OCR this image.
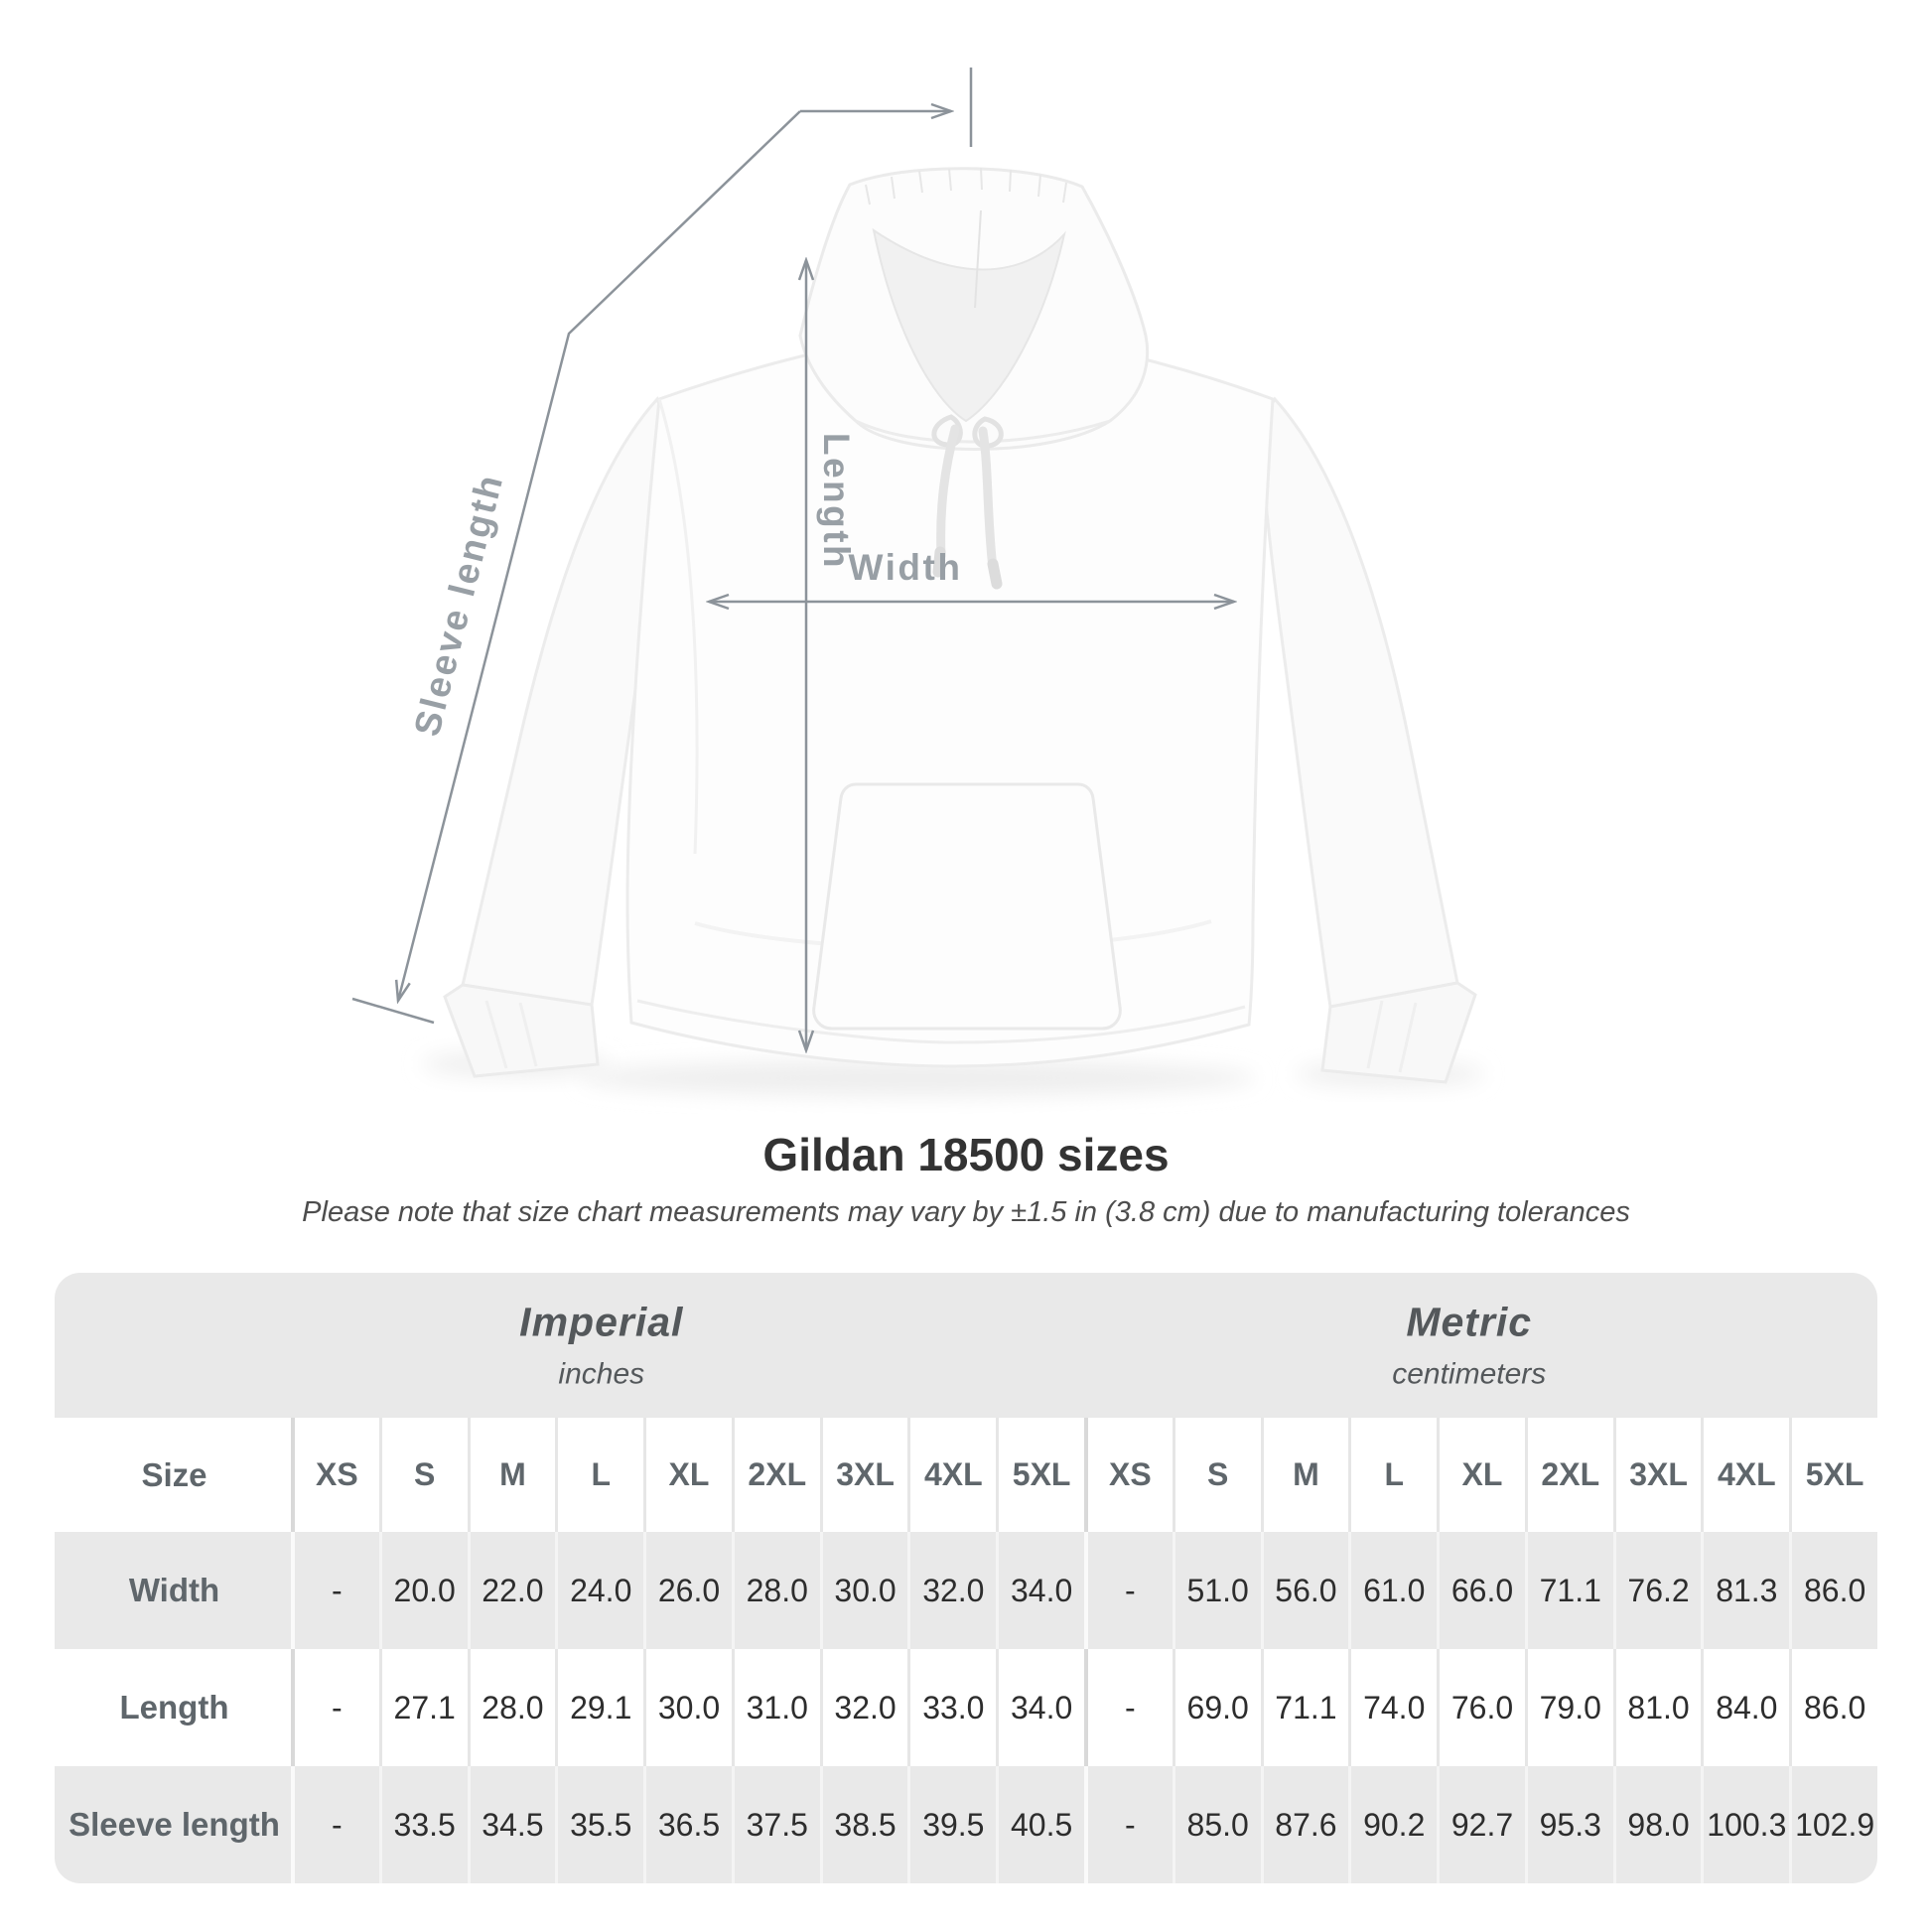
Width
Length
Sleeve length
Gildan 18500 sizes

Please note that size chart measurements may vary by ±1.5 in (3.8 cm) due to manufacturing tolerances

Imperial
inches
Metric
centimeters
Size	XS	S	M	L	XL	2XL 3XL 4XL 5XL	XS	S	M	L	XL	2XL 3XL 4XL 5XL
Width	-	20.0 22.0 24.0 26.0 28.0 30.0 32.0 34.0	-	51.0 56.0 61.0 66.0 71.1 76.2 81.3 86.0
Length	-	27.1 28.0 29.1 30.0 31.0 32.0 33.0 34.0	-	69.0 71.1 74.0 76.0 79.0 81.0 84.0 86.0
Sleeve length	-	33.5 34.5 35.5 36.5 37.5 38.5 39.5 40.5	-	85.0 87.6 90.2 92.7 95.3 98.0 100.3 102.9
